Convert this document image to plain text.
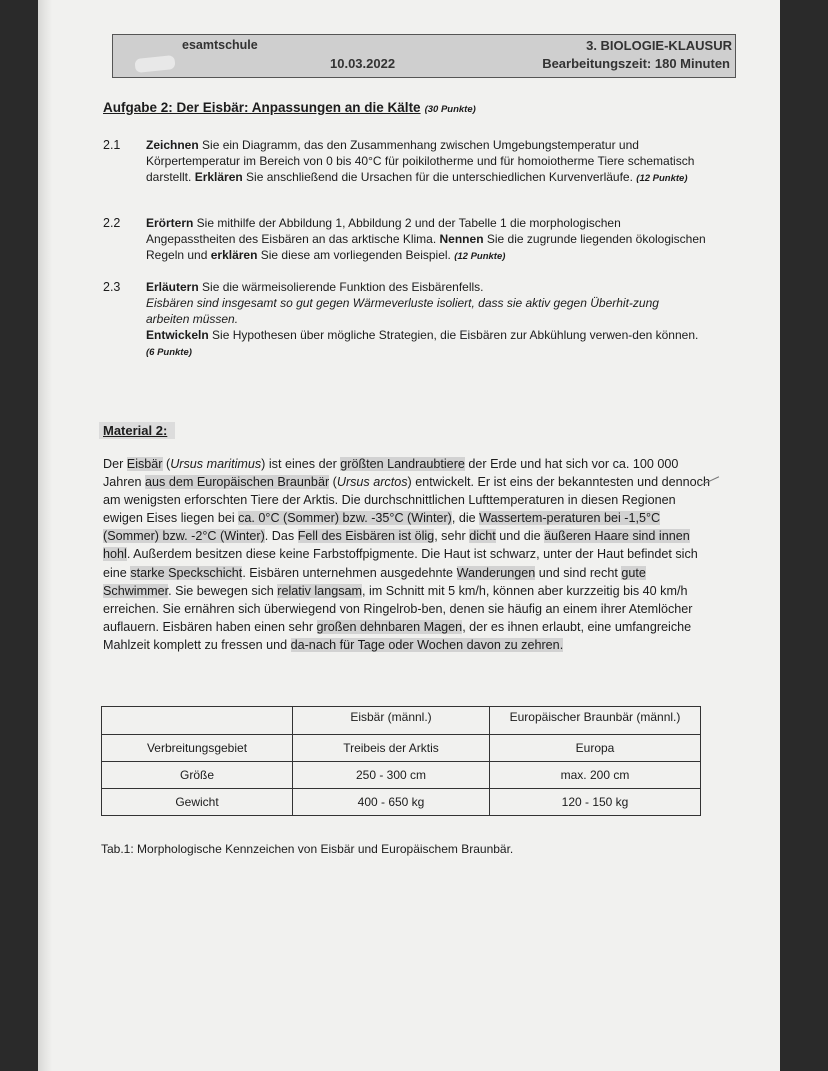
esamtschule
10.03.2022
3. BIOLOGIE-KLAUSUR
Bearbeitungszeit: 180 Minuten
Aufgabe 2: Der Eisbär: Anpassungen an die Kälte (30 Punkte)
2.1 Zeichnen Sie ein Diagramm, das den Zusammenhang zwischen Umgebungstemperatur und Körpertemperatur im Bereich von 0 bis 40°C für poikilotherme und für homoiotherme Tiere schematisch darstellt. Erklären Sie anschließend die Ursachen für die unterschiedlichen Kurvenverläufe. (12 Punkte)
2.2 Erörtern Sie mithilfe der Abbildung 1, Abbildung 2 und der Tabelle 1 die morphologischen Angepasstheiten des Eisbären an das arktische Klima. Nennen Sie die zugrunde liegenden ökologischen Regeln und erklären Sie diese am vorliegenden Beispiel. (12 Punkte)
2.3 Erläutern Sie die wärmeisolierende Funktion des Eisbärenfells.
Eisbären sind insgesamt so gut gegen Wärmeverluste isoliert, dass sie aktiv gegen Überhit-zung arbeiten müssen.
Entwickeln Sie Hypothesen über mögliche Strategien, die Eisbären zur Abkühlung verwen-den können. (6 Punkte)
Material 2:
Der Eisbär (Ursus maritimus) ist eines der größten Landraubtiere der Erde und hat sich vor ca. 100 000 Jahren aus dem Europäischen Braunbär (Ursus arctos) entwickelt. Er ist eins der bekanntesten und dennoch am wenigsten erforschten Tiere der Arktis. Die durchschnittlichen Lufttemperaturen in diesen Regionen ewigen Eises liegen bei ca. 0°C (Sommer) bzw. -35°C (Winter), die Wassertem-peraturen bei -1,5°C (Sommer) bzw. -2°C (Winter). Das Fell des Eisbären ist ölig, sehr dicht und die äußeren Haare sind innen hohl. Außerdem besitzen diese keine Farbstoffpigmente. Die Haut ist schwarz, unter der Haut befindet sich eine starke Speckschicht. Eisbären unternehmen ausgedehnte Wanderungen und sind recht gute Schwimmer. Sie bewegen sich relativ langsam, im Schnitt mit 5 km/h, können aber kurzzeitig bis 40 km/h erreichen. Sie ernähren sich überwiegend von Ringelrob-ben, denen sie häufig an einem ihrer Atemlöcher auflauern. Eisbären haben einen sehr großen dehnbaren Magen, der es ihnen erlaubt, eine umfangreiche Mahlzeit komplett zu fressen und da-nach für Tage oder Wochen davon zu zehren.
	Eisbär (männl.)	Europäischer Braunbär (männl.)
Verbreitungsgebiet	Treibeis der Arktis	Europa
Größe	250 - 300 cm	max. 200 cm
Gewicht	400 - 650 kg	120 - 150 kg
Tab.1: Morphologische Kennzeichen von Eisbär und Europäischem Braunbär.
